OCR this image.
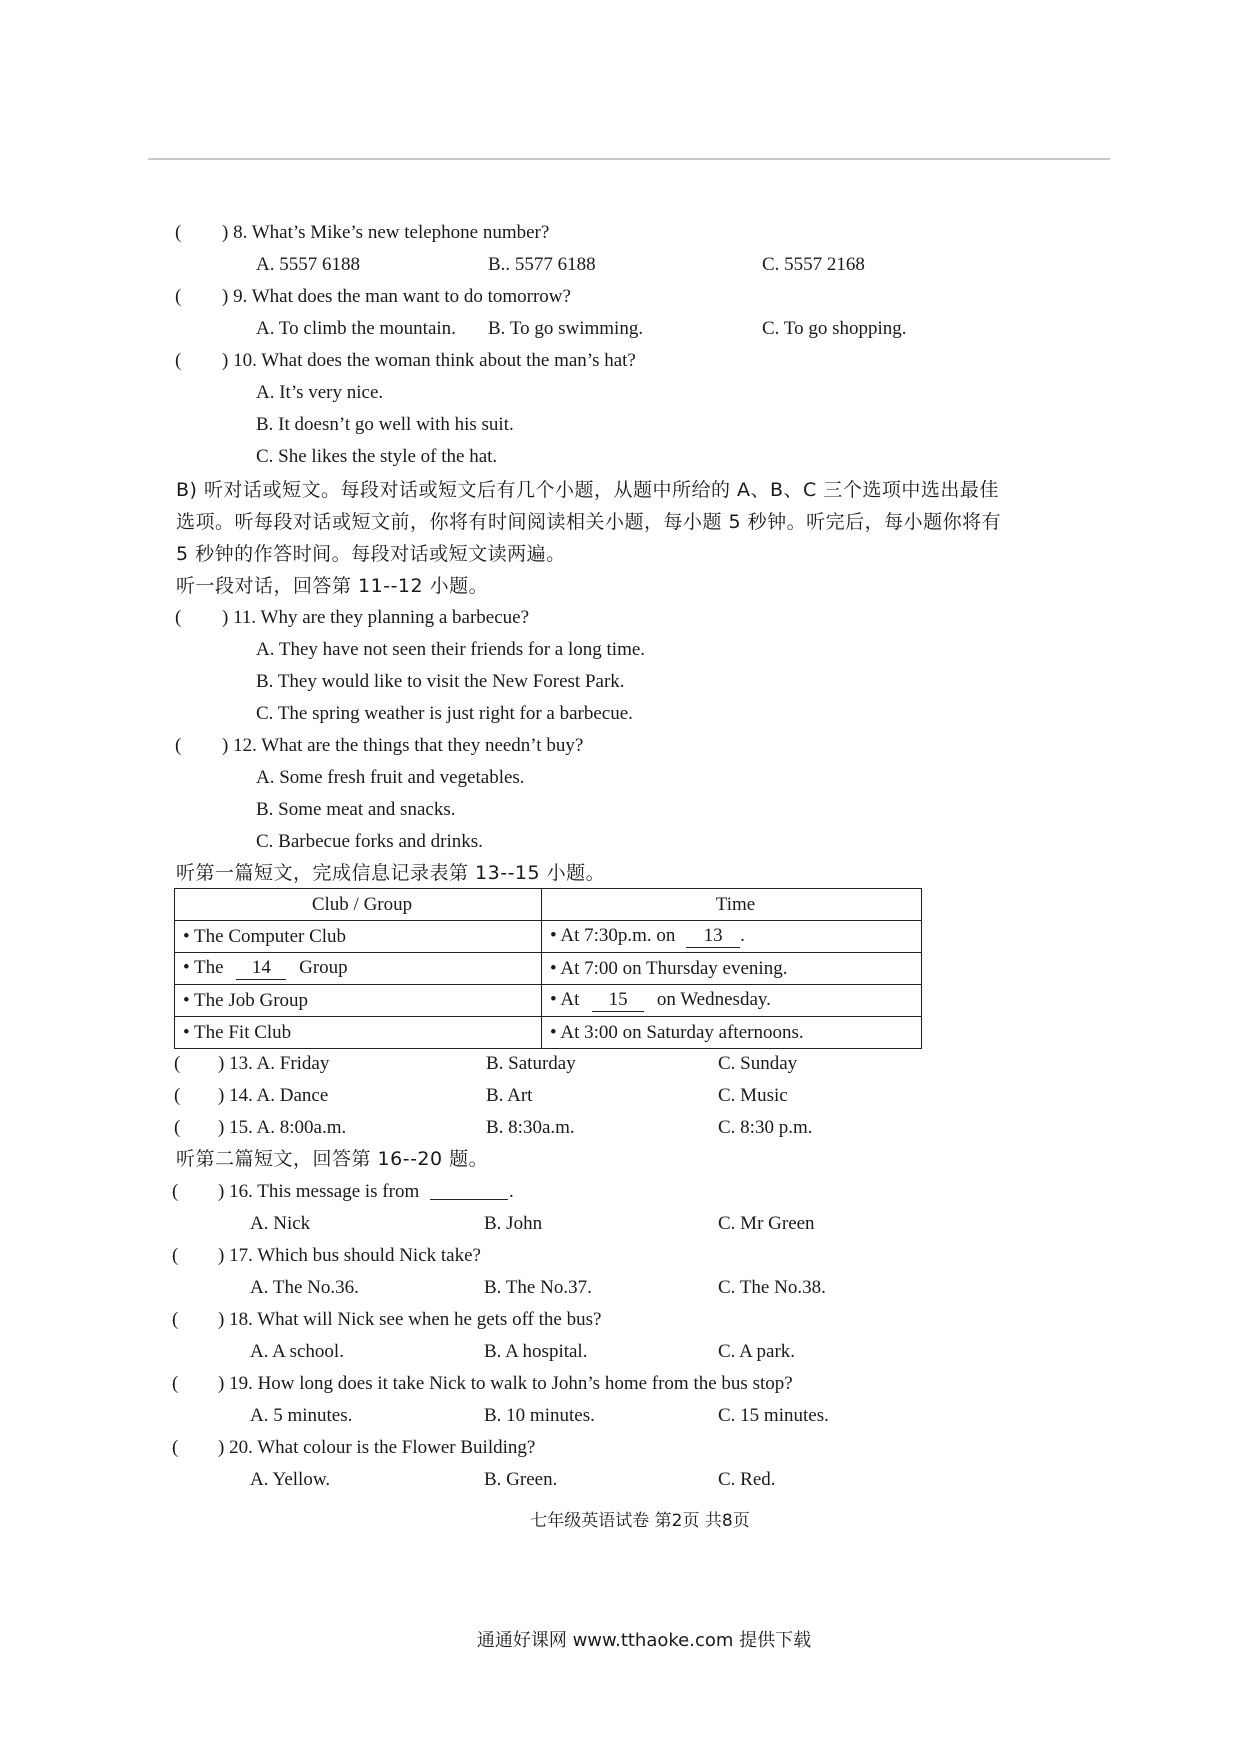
( ) 8. What’s Mike’s new telephone number?
A. 5557 6188	B.. 5577 6188	C. 5557 2168
( ) 9. What does the man want to do tomorrow?
A. To climb the mountain. B. To go swimming.	C. To go shopping.
( ) 10. What does the woman think about the man’s hat?
A. It’s very nice.
B. It doesn’t go well with his suit.
C. She likes the style of the hat.
B) 听对话或短文。每段对话或短文后有几个小题，从题中所给的 A、B、C 三个选项中选出最佳
选项。听每段对话或短文前，你将有时间阅读相关小题，每小题 5 秒钟。听完后，每小题你将有
5 秒钟的作答时间。每段对话或短文读两遍。
听一段对话，回答第 11--12 小题。
( ) 11. Why are they planning a barbecue?
A. They have not seen their friends for a long time.
B. They would like to visit the New Forest Park.
C. The spring weather is just right for a barbecue.
( ) 12. What are the things that they needn’t buy?
A. Some fresh fruit and vegetables.
B. Some meat and snacks.
C. Barbecue forks and drinks.
听第一篇短文，完成信息记录表第 13--15 小题。
Club / Group	Time
• The Computer Club	• At 7:30p.m. on 13 .
• The 14 Group	• At 7:00 on Thursday evening.
• The Job Group	• At 15 on Wednesday.
• The Fit Club	• At 3:00 on Saturday afternoons.
( ) 13. A. Friday	B. Saturday	C. Sunday
( ) 14. A. Dance	B. Art	C. Music
( ) 15. A. 8:00a.m.	B. 8:30a.m.	C. 8:30 p.m.
听第二篇短文，回答第 16--20 题。
( ) 16. This message is from	.
A. Nick	B. John	C. Mr Green
( ) 17. Which bus should Nick take?
A. The No.36.	B. The No.37.	C. The No.38.
( ) 18. What will Nick see when he gets off the bus?
A. A school.	B. A hospital.	C. A park.
( ) 19. How long does it take Nick to walk to John’s home from the bus stop?
A. 5 minutes.	B. 10 minutes.	C. 15 minutes.
( ) 20. What colour is the Flower Building?
A. Yellow.	B. Green.	C. Red.
七年级英语试卷 第2页 共8页
通通好课网 www.tthaoke.com 提供下载
